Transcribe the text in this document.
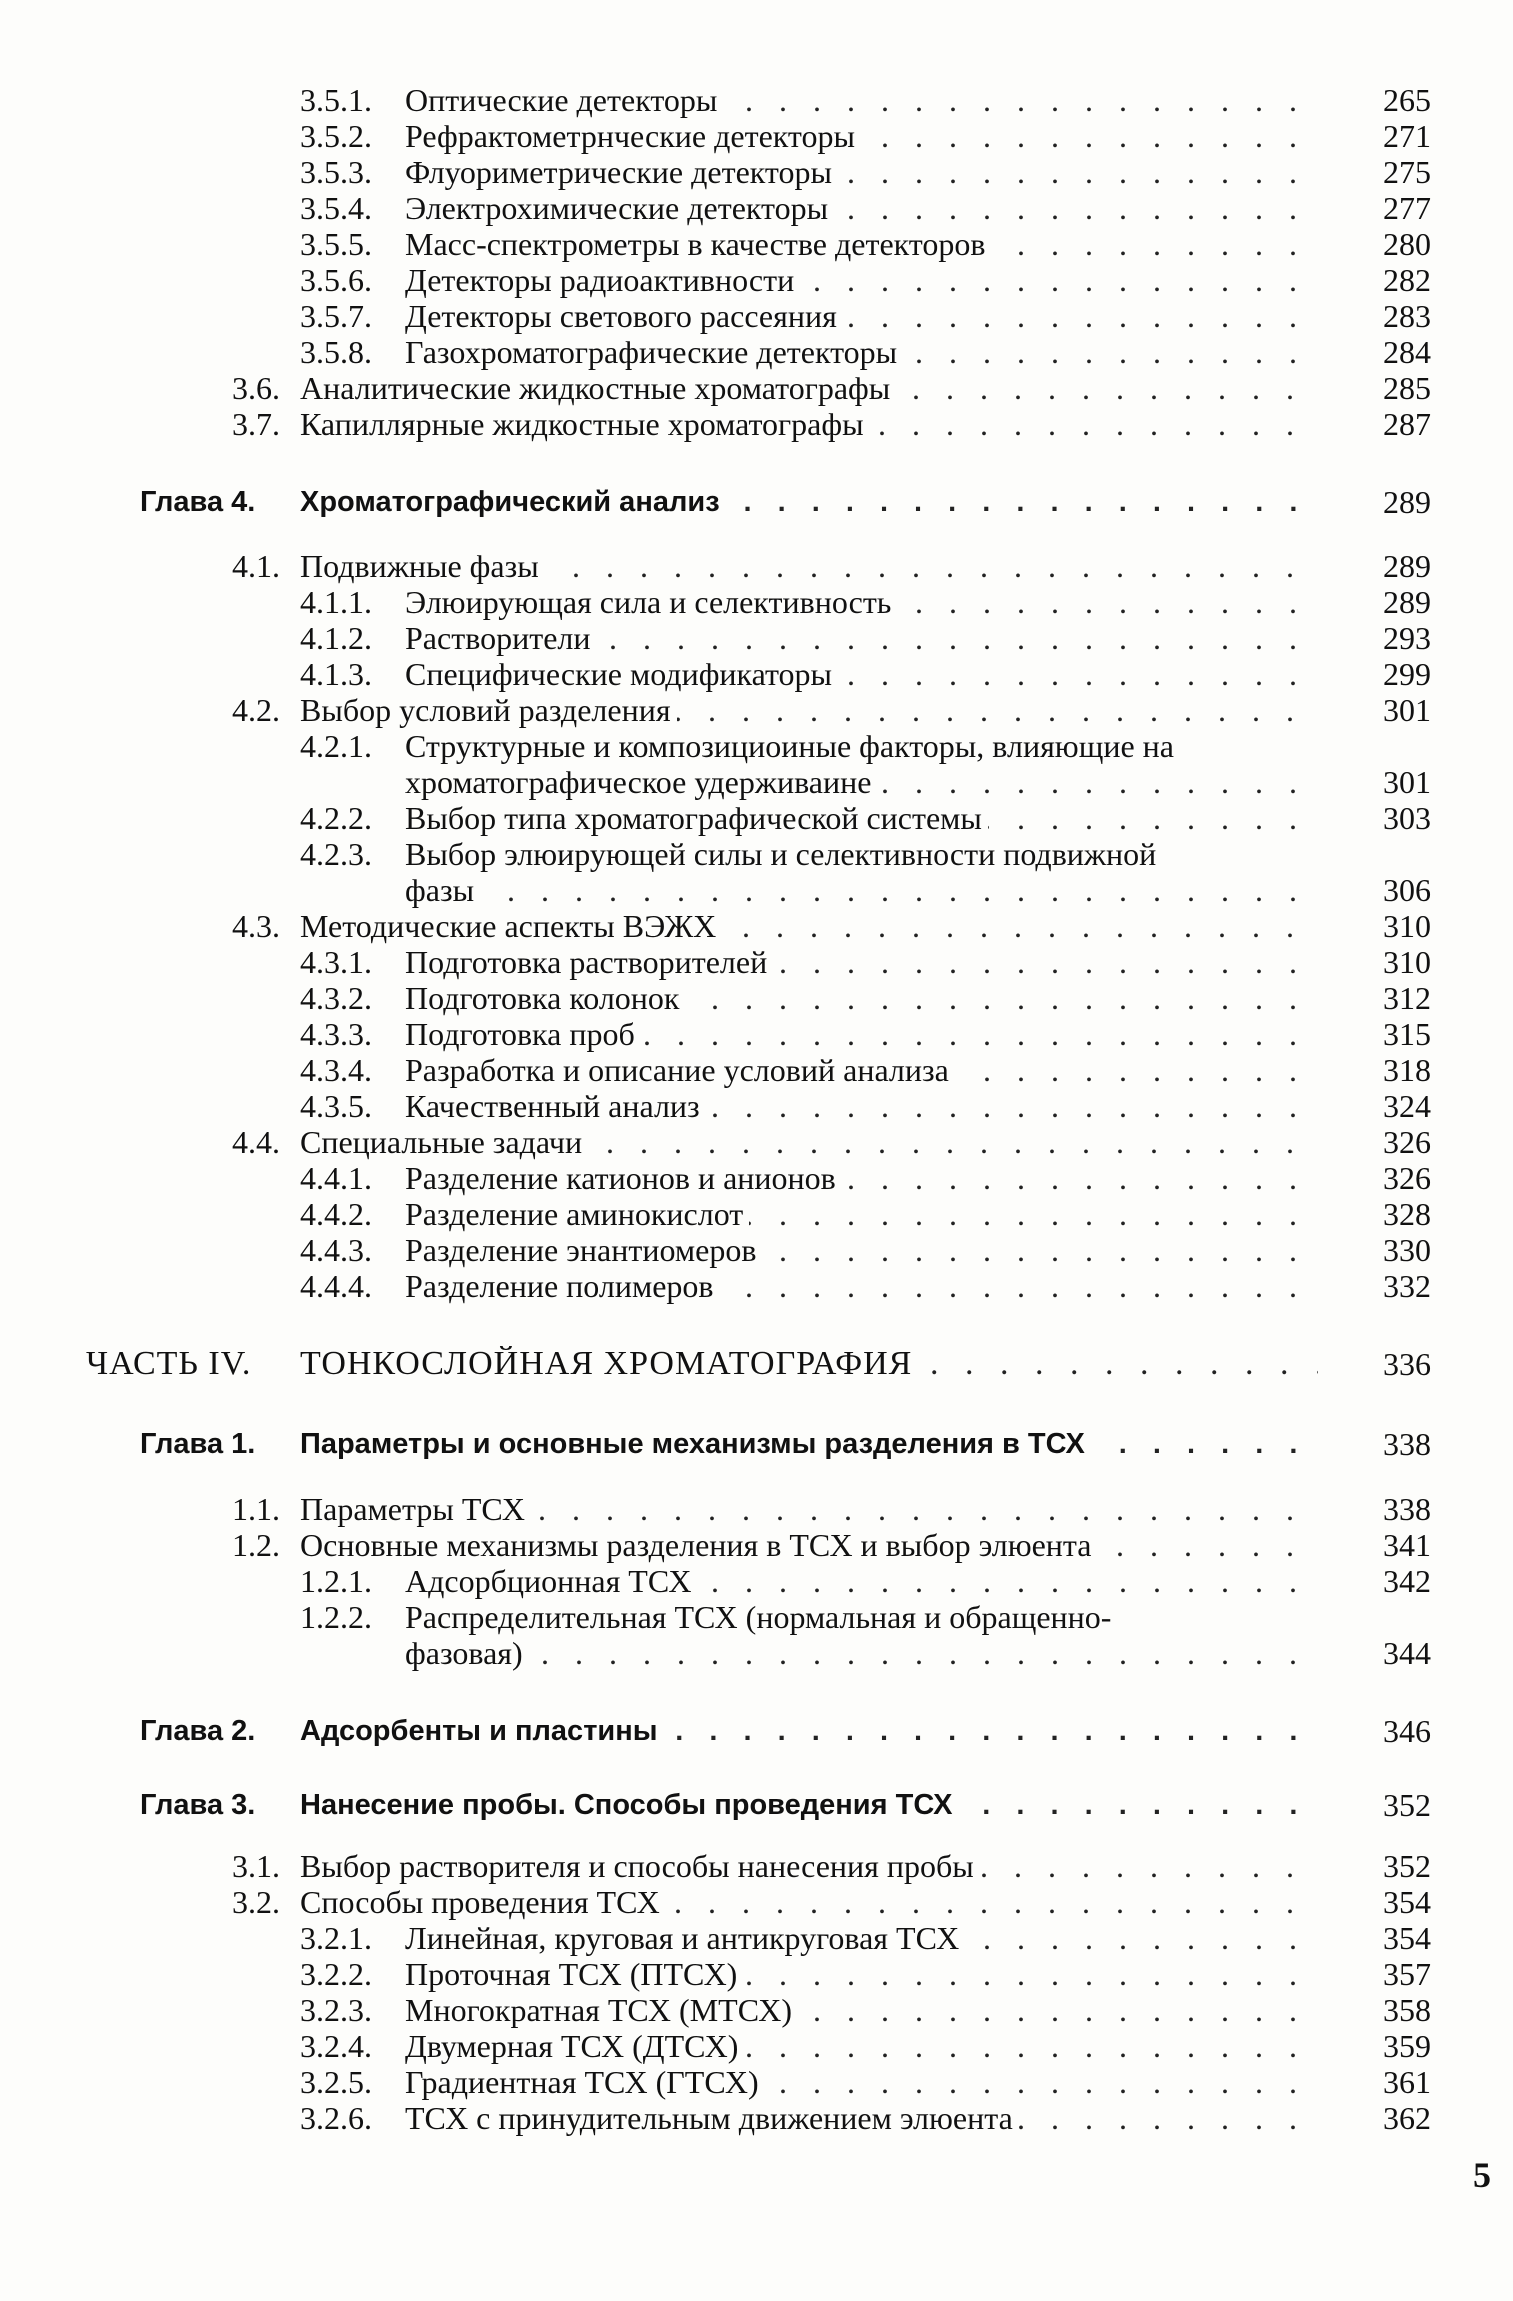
3.5.1. Оптические детекторы . . .	265
3.5.2. Рефрактометрнческие детекторы . . .	271
3.5.3. Флуориметрические детекторы . . .	275
3.5.4. Электрохимические детекторы . . .	277
3.5.5. Масс-спектрометры в качестве детекторов . . .	280
3.5.6. Детекторы радиоактивности . . .	282
3.5.7. Детекторы светового рассеяния . . .	283
3.5.8. Газохроматографические детекторы . . .	284
3.6. Аналитические жидкостные хроматографы . . .	285
3.7. Капиллярные жидкостные хроматографы . . .	287
Глава 4. Хроматографический анализ . . .	289
4.1. Подвижные фазы . . .	289
4.1.1. Элюирующая сила и селективность . . .	289
4.1.2. Растворители . . .	293
4.1.3. Специфические модификаторы . . .	299
4.2. Выбор условий разделения . . .	301
4.2.1. Структурные и композициоиные факторы, влияющие на
хроматографическое удерживаине . . .	301
4.2.2. Выбор типа хроматографической системы . . .	303
4.2.3. Выбор элюирующей силы и селективности подвижной
фазы . . .	306
4.3. Методические аспекты ВЭЖХ . . .	310
4.3.1. Подготовка растворителей . . .	310
4.3.2. Подготовка колонок . . .	312
4.3.3. Подготовка проб . . .	315
4.3.4. Разработка и описание условий анализа . . .	318
4.3.5. Качественный анализ . . .	324
4.4. Специальные задачи . . .	326
4.4.1. Разделение катионов и анионов . . .	326
4.4.2. Разделение аминокислот . . .	328
4.4.3. Разделение энантиомеров . . .	330
4.4.4. Разделение полимеров . . .	332
ЧАСТЬ IV. ТОНКОСЛОЙНАЯ ХРОМАТОГРАФИЯ . . .	336
Глава 1. Параметры и основные механизмы разделения в ТСХ . . .	338
1.1. Параметры ТСХ . . .	338
1.2. Основные механизмы разделения в ТСХ и выбор элюента . . .	341
1.2.1. Адсорбционная ТСХ . . .	342
1.2.2. Распределительная ТСХ (нормальная и обращенно-
фазовая) . . .	344
Глава 2. Адсорбенты и пластины . . .	346
Глава 3. Нанесение пробы. Способы проведения ТСХ . . .	352
3.1. Выбор растворителя и способы нанесения пробы . . .	352
3.2. Способы проведения ТСХ . . .	354
3.2.1. Линейная, круговая и антикруговая ТСХ . . .	354
3.2.2. Проточная ТСХ (ПТСХ) . . .	357
3.2.3. Многократная ТСХ (МТСХ) . . .	358
3.2.4. Двумерная ТСХ (ДТСХ) . . .	359
3.2.5. Градиентная ТСХ (ГТСХ) . . .	361
3.2.6. ТСХ с принудительным движением элюента . . .	362
5
